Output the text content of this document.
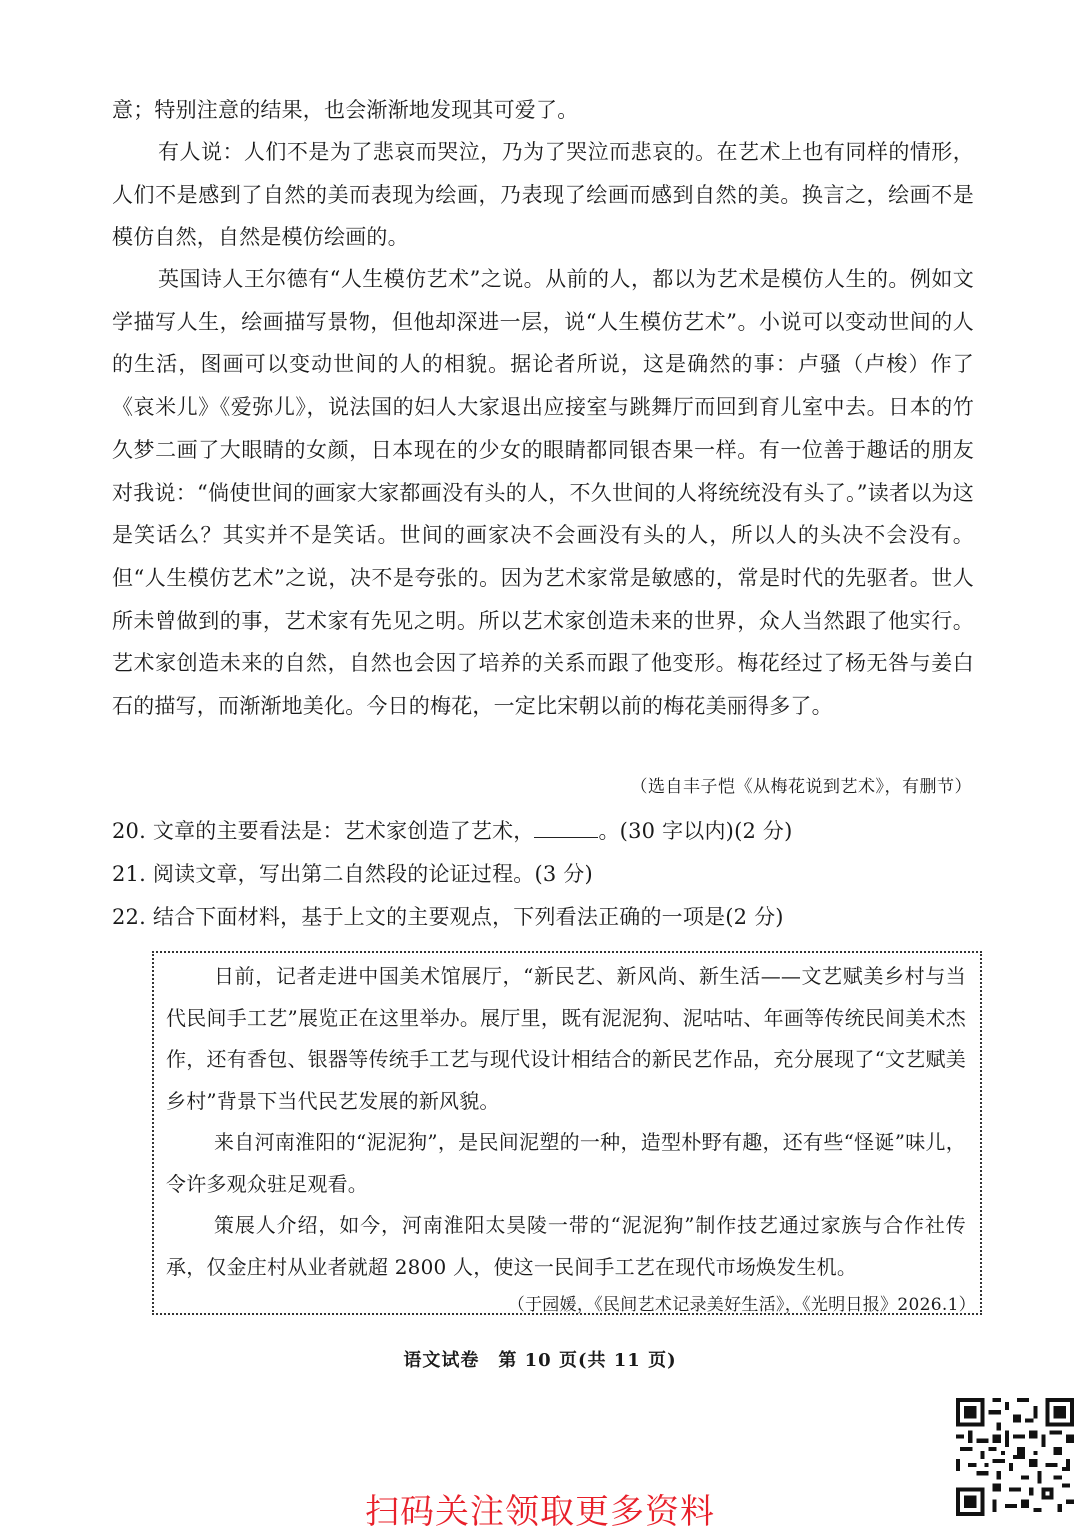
意；特别注意的结果，也会渐渐地发现其可爱了。

有人说：人们不是为了悲哀而哭泣，乃为了哭泣而悲哀的。在艺术上也有同样的情形，人们不是感到了自然的美而表现为绘画，乃表现了绘画而感到自然的美。换言之，绘画不是模仿自然，自然是模仿绘画的。

英国诗人王尔德有“人生模仿艺术”之说。从前的人，都以为艺术是模仿人生的。例如文学描写人生，绘画描写景物，但他却深进一层，说“人生模仿艺术”。小说可以变动世间的人的生活，图画可以变动世间的人的相貌。据论者所说，这是确然的事：卢骚（卢梭）作了《哀米儿》《爱弥儿》，说法国的妇人大家退出应接室与跳舞厅而回到育儿室中去。日本的竹久梦二画了大眼睛的女颜，日本现在的少女的眼睛都同银杏果一样。有一位善于趣话的朋友对我说：“倘使世间的画家大家都画没有头的人，不久世间的人将统统没有头了。”读者以为这是笑话么？其实并不是笑话。世间的画家决不会画没有头的人，所以人的头决不会没有。但“人生模仿艺术”之说，决不是夸张的。因为艺术家常是敏感的，常是时代的先驱者。世人所未曾做到的事，艺术家有先见之明。所以艺术家创造未来的世界，众人当然跟了他实行。艺术家创造未来的自然，自然也会因了培养的关系而跟了他变形。梅花经过了杨无咎与姜白石的描写，而渐渐地美化。今日的梅花，一定比宋朝以前的梅花美丽得多了。

（选自丰子恺《从梅花说到艺术》，有删节）

20. 文章的主要看法是：艺术家创造了艺术，	。(30 字以内)(2 分)

21. 阅读文章，写出第二自然段的论证过程。(3 分)

22. 结合下面材料，基于上文的主要观点，下列看法正确的一项是(2 分)

日前，记者走进中国美术馆展厅，“新民艺、新风尚、新生活——文艺赋美乡村与当代民间手工艺”展览正在这里举办。展厅里，既有泥泥狗、泥咕咕、年画等传统民间美术杰作，还有香包、银器等传统手工艺与现代设计相结合的新民艺作品，充分展现了“文艺赋美乡村”背景下当代民艺发展的新风貌。

来自河南淮阳的“泥泥狗”，是民间泥塑的一种，造型朴野有趣，还有些“怪诞”味儿，令许多观众驻足观看。

策展人介绍，如今，河南淮阳太昊陵一带的“泥泥狗”制作技艺通过家族与合作社传承，仅金庄村从业者就超 2800 人，使这一民间手工艺在现代市场焕发生机。

（于园媛，《民间艺术记录美好生活》，《光明日报》2026.1）

语文试卷　第 10 页(共 11 页)

扫码关注领取更多资料
